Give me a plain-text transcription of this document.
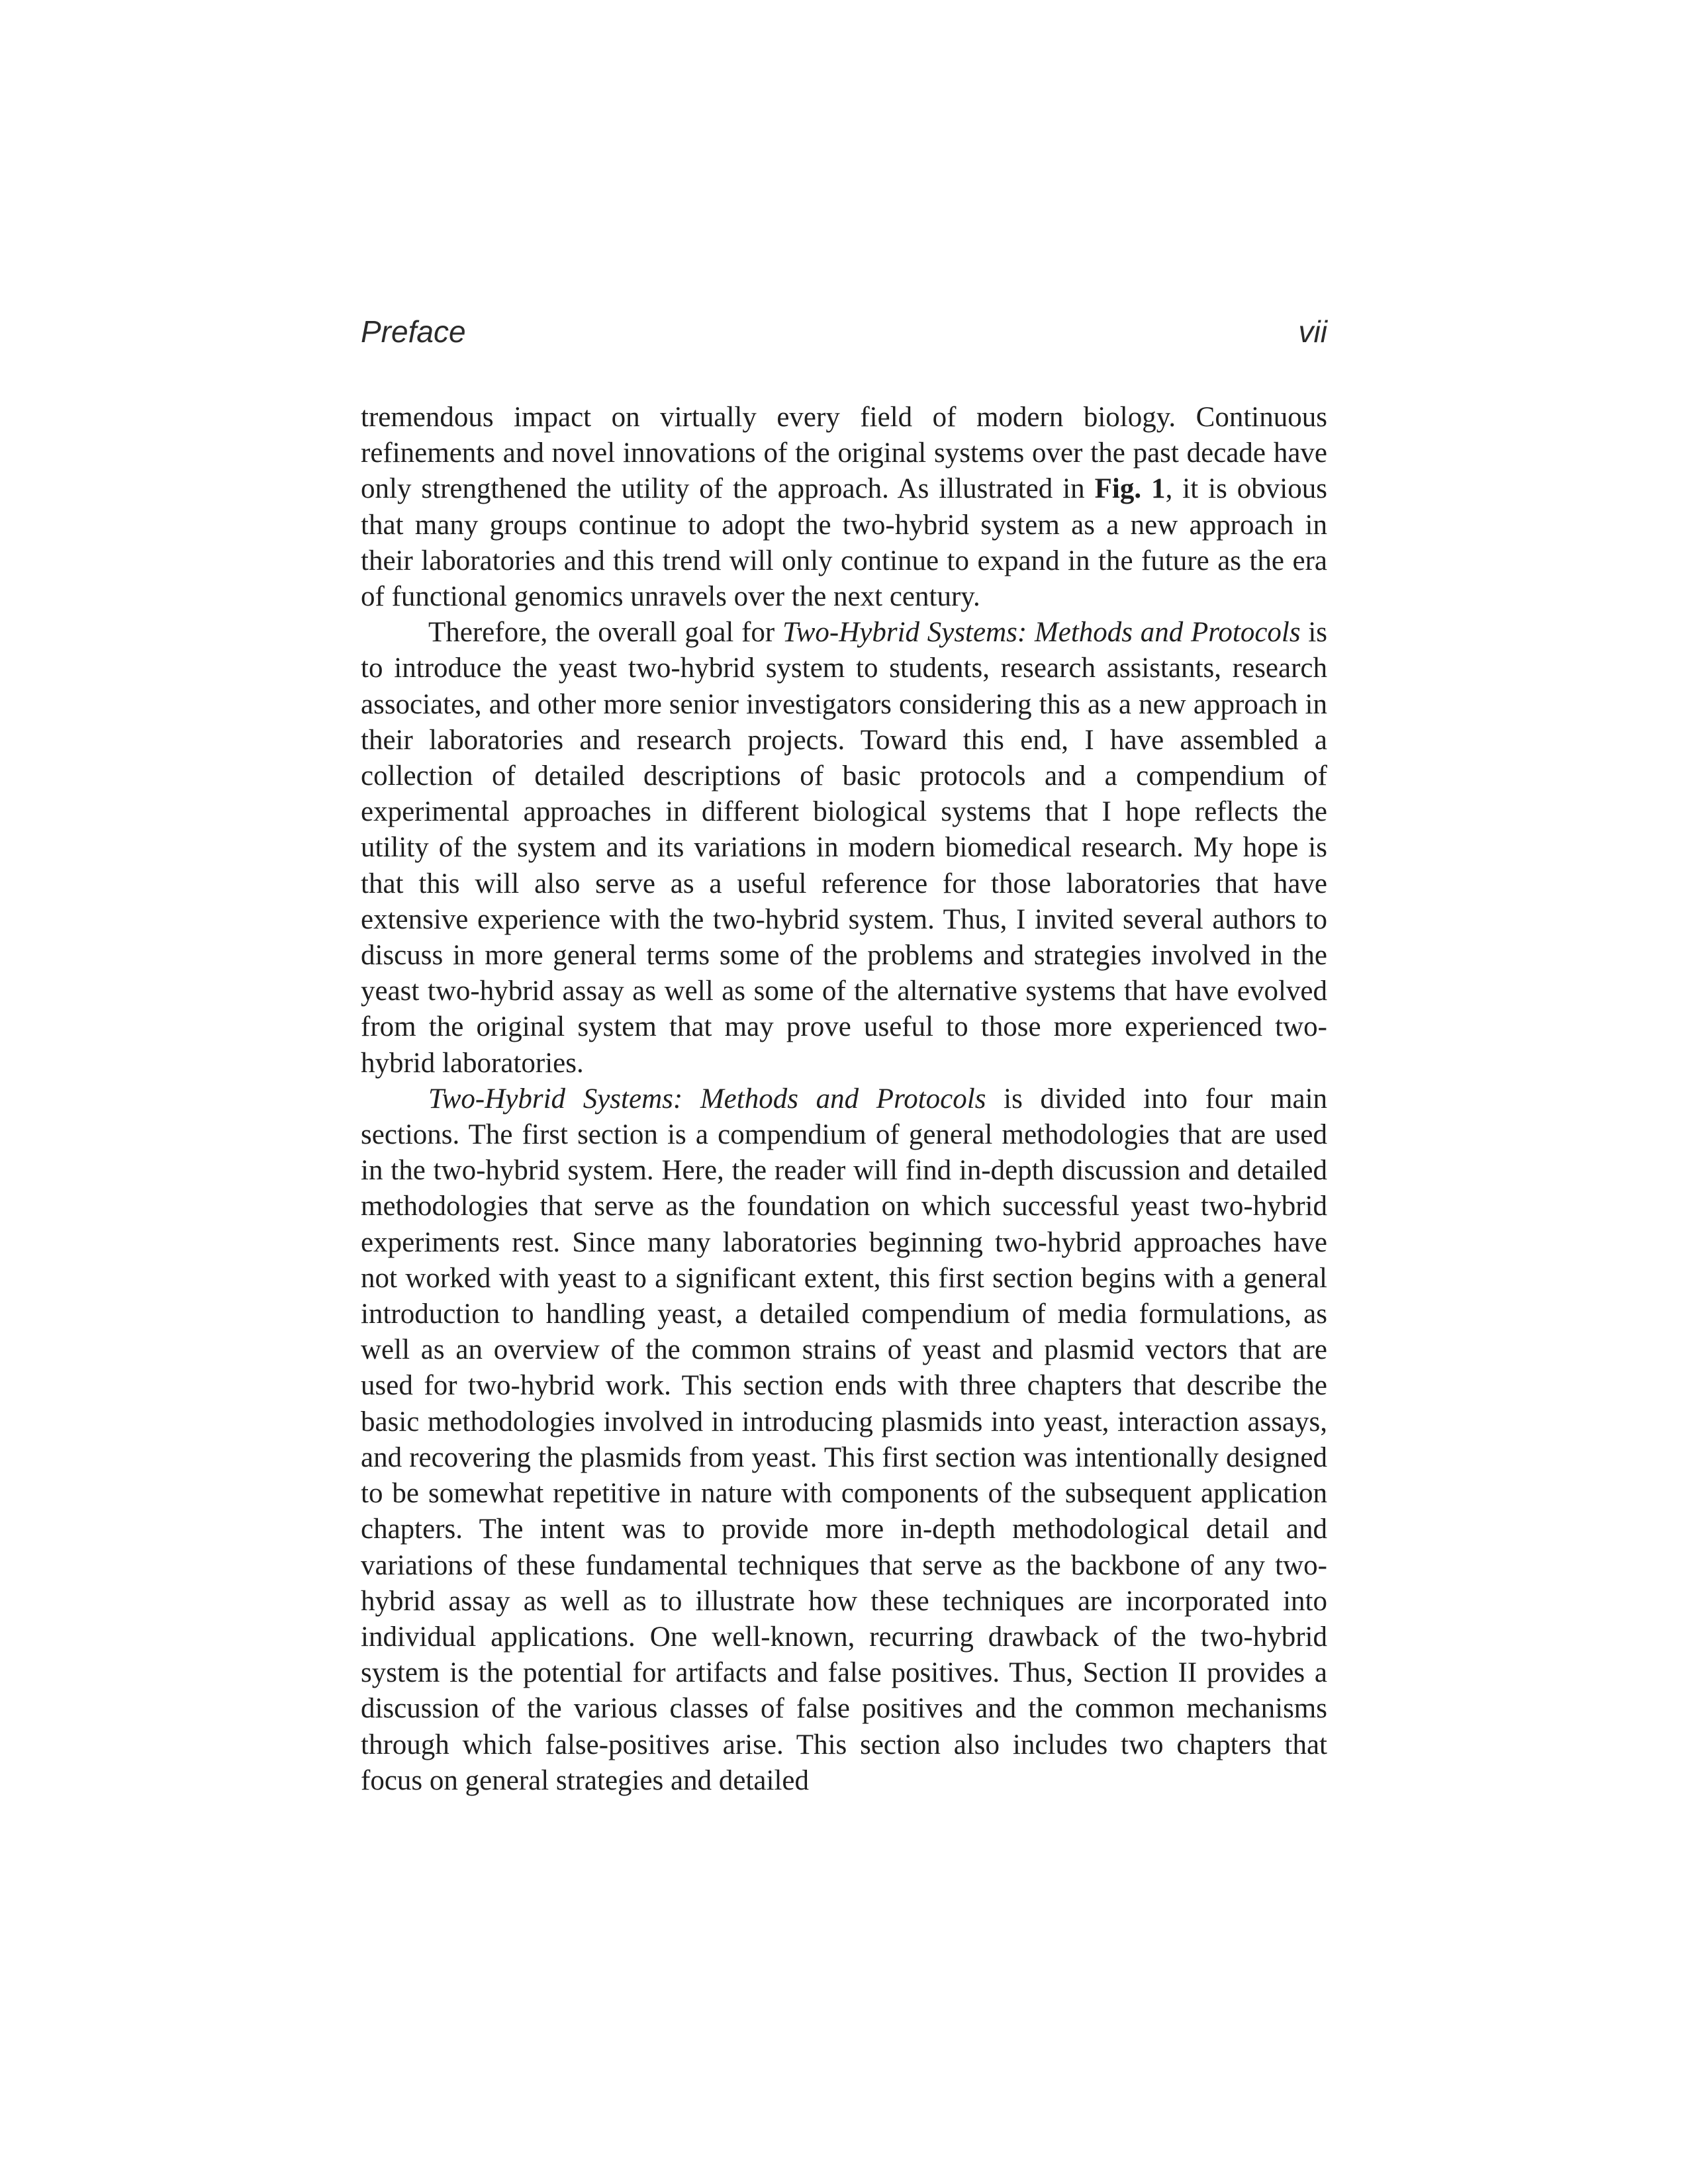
Preface	vii

tremendous impact on virtually every field of modern biology. Continuous refinements and novel innovations of the original systems over the past decade have only strengthened the utility of the approach. As illustrated in Fig. 1, it is obvious that many groups continue to adopt the two-hybrid system as a new approach in their laboratories and this trend will only continue to expand in the future as the era of functional genomics unravels over the next century.

Therefore, the overall goal for Two-Hybrid Systems: Methods and Protocols is to introduce the yeast two-hybrid system to students, research assistants, research associates, and other more senior investigators considering this as a new approach in their laboratories and research projects. Toward this end, I have assembled a collection of detailed descriptions of basic protocols and a compendium of experimental approaches in different biological systems that I hope reflects the utility of the system and its variations in modern biomedical research. My hope is that this will also serve as a useful reference for those laboratories that have extensive experience with the two-hybrid system. Thus, I invited several authors to discuss in more general terms some of the problems and strategies involved in the yeast two-hybrid assay as well as some of the alternative systems that have evolved from the original system that may prove useful to those more experienced two-hybrid laboratories.

Two-Hybrid Systems: Methods and Protocols is divided into four main sections. The first section is a compendium of general methodologies that are used in the two-hybrid system. Here, the reader will find in-depth discussion and detailed methodologies that serve as the foundation on which successful yeast two-hybrid experiments rest. Since many laboratories beginning two-hybrid approaches have not worked with yeast to a significant extent, this first section begins with a general introduction to handling yeast, a detailed compendium of media formulations, as well as an overview of the common strains of yeast and plasmid vectors that are used for two-hybrid work. This section ends with three chapters that describe the basic methodologies involved in introducing plasmids into yeast, interaction assays, and recovering the plasmids from yeast. This first section was intentionally designed to be somewhat repetitive in nature with components of the subsequent application chapters. The intent was to provide more in-depth methodological detail and variations of these fundamental techniques that serve as the backbone of any two-hybrid assay as well as to illustrate how these techniques are incorporated into individual applications. One well-known, recurring drawback of the two-hybrid system is the potential for artifacts and false positives. Thus, Section II provides a discussion of the various classes of false positives and the common mechanisms through which false-positives arise. This section also includes two chapters that focus on general strategies and detailed
